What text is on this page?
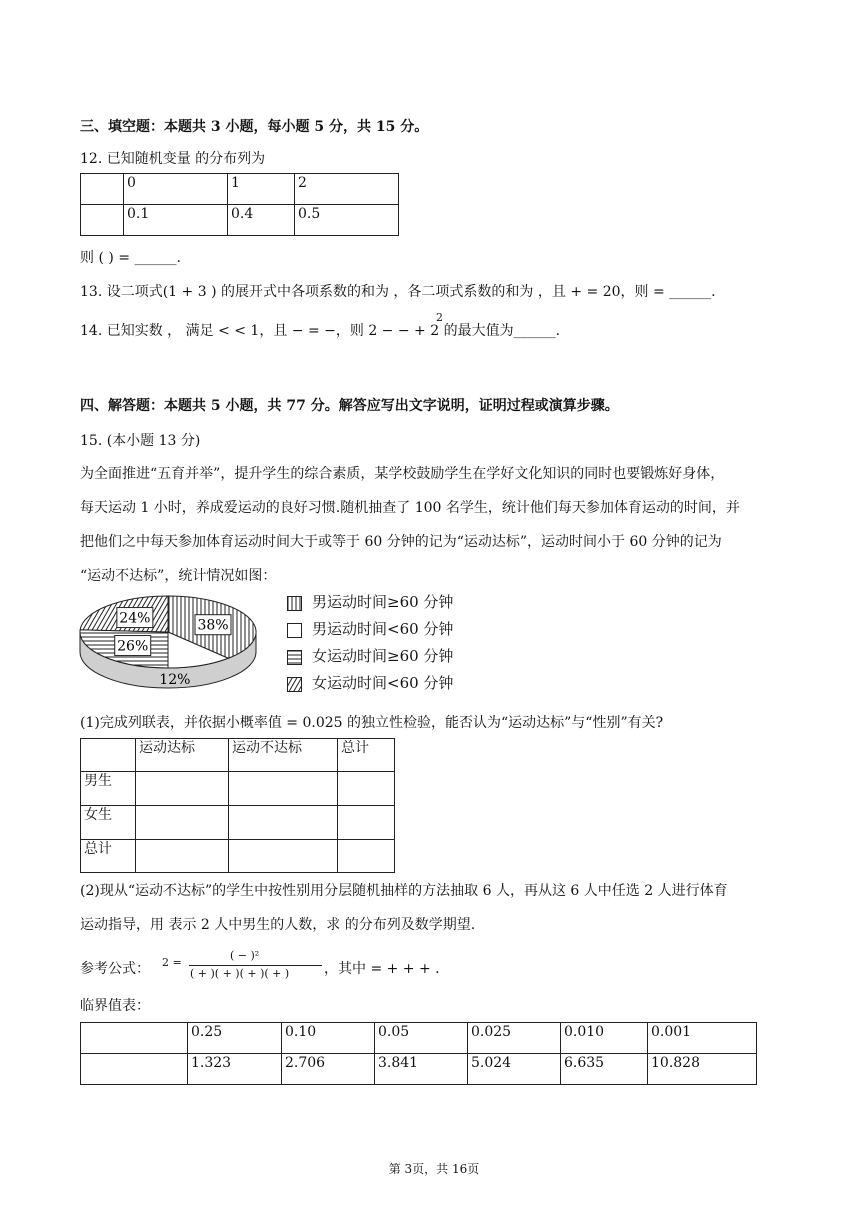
三、填空题：本题共 3 小题，每小题 5 分，共 15 分。
12. 已知随机变量 的分布列为
	0	1	2
	0.1	0.4	0.5
则 ( ) = ______.
13. 设二项式(1 + 3 ) 的展开式中各项系数的和为 ，各二项式系数的和为 ，且 + = 20，则 = ______.
14. 已知实数 ， 满足 < < 1，且 − = −，则 2 − − + 2 的最大值为______.
2
四、解答题：本题共 5 小题，共 77 分。解答应写出文字说明，证明过程或演算步骤。
15. (本小题 13 分)
为全面推进“五育并举”，提升学生的综合素质，某学校鼓励学生在学好文化知识的同时也要锻炼好身体，
每天运动 1 小时，养成爱运动的良好习惯.随机抽查了 100 名学生，统计他们每天参加体育运动的时间，并
把他们之中每天参加体育运动时间大于或等于 60 分钟的记为“运动达标”，运动时间小于 60 分钟的记为
“运动不达标”，统计情况如图：
38%
12%
26%
24%
男运动时间≥60 分钟
男运动时间<60 分钟
女运动时间≥60 分钟
女运动时间<60 分钟
(1)完成列联表，并依据小概率值 = 0.025 的独立性检验，能否认为“运动达标”与“性别”有关?
	运动达标	运动不达标	总计
男生			
女生			
总计			
(2)现从“运动不达标”的学生中按性别用分层随机抽样的方法抽取 6 人，再从这 6 人中任选 2 人进行体育
运动指导，用 表示 2 人中男生的人数，求 的分布列及数学期望.
参考公式： 2 =
( − )²
( + )( + )( + )( + ) ，其中 = + + + .
临界值表：
	0.25	0.10	0.05	0.025	0.010	0.001
	1.323	2.706	3.841	5.024	6.635	10.828
第 3页，共 16页
